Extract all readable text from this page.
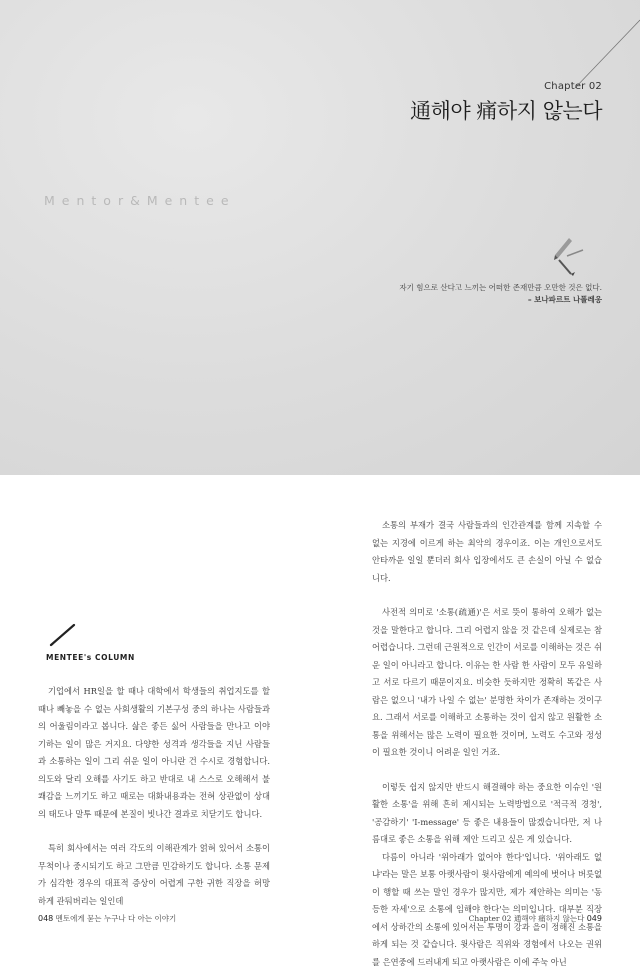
Chapter 02
通해야 痛하지 않는다
Mentor&Mentee
자기 힘으로 산다고 느끼는 어떠한 존재만큼 오만한 것은 없다.
– 보나파르트 나폴레옹
MENTEE's COLUMN

기업에서 HR일을 할 때나 대학에서 학생들의 취업지도를 할 때나 빼놓을 수 없는 사회생활의 기본구성 중의 하나는 사람들과의 어울림이라고 봅니다. 삶은 좋든 싫어 사람들을 만나고 이야기하는 일이 많은 거지요. 다양한 성격과 생각들을 지닌 사람들과 소통하는 일이 그리 쉬운 일이 아니란 건 수시로 경험합니다. 의도와 달리 오해를 사기도 하고 반대로 내 스스로 오해해서 불쾌감을 느끼기도 하고 때로는 대화내용과는 전혀 상관없이 상대의 태도나 말투 때문에 본질이 빗나간 결과로 치닫기도 합니다.

특히 회사에서는 여러 각도의 이해관계가 얽혀 있어서 소통이 무척이나 중시되기도 하고 그만큼 민감하기도 합니다. 소통 문제가 심각한 경우의 대표적 증상이 어렵게 구한 귀한 직장을 허망하게 관둬버리는 일인데

소통의 부재가 결국 사람들과의 인간관계를 함께 지속할 수 없는 지경에 이르게 하는 최악의 경우이죠. 이는 개인으로서도 안타까운 일일 뿐더러 회사 입장에서도 큰 손실이 아닐 수 없습니다.

사전적 의미로 '소통(疏通)'은 서로 뜻이 통하여 오해가 없는 것을 말한다고 합니다. 그리 어렵지 않을 것 같은데 실제로는 참 어렵습니다. 그런데 근원적으로 인간이 서로를 이해하는 것은 쉬운 일이 아니라고 합니다. 이유는 한 사람 한 사람이 모두 유일하고 서로 다르기 때문이지요. 비슷한 듯하지만 정확히 똑같은 사람은 없으니 '내가 나일 수 없는' 분명한 차이가 존재하는 것이구요. 그래서 서로를 이해하고 소통하는 것이 쉽지 않고 원활한 소통을 위해서는 많은 노력이 필요한 것이며, 노력도 수고와 정성이 필요한 것이니 어려운 일인 거죠.

이렇듯 쉽지 않지만 반드시 해결해야 하는 중요한 이슈인 '원활한 소통'을 위해 흔히 제시되는 노력방법으로 '적극적 경청', '공감하기' 'I-message' 등 좋은 내용들이 많겠습니다만, 저 나름대로 좋은 소통을 위해 제안 드리고 싶은 게 있습니다.

다름이 아니라 '위아래가 없어야 한다'입니다. '위아래도 없냐'라는 말은 보통 아랫사람이 윗사람에게 예의에 벗어나 버릇없이 행할 때 쓰는 말인 경우가 많지만, 제가 제안하는 의미는 '동등한 자세'으로 소통에 임해야 한다'는 의미입니다. 대부분 직장에서 상하간의 소통에 있어서는 투명이 강과 을이 정해진 소통을 하게 되는 것 같습니다. 윗사람은 직위와 경험에서 나오는 권위를 은연중에 드러내게 되고 아랫사람은 이에 주눅 아닌

048 멘토에게 묻는 누구나 다 아는 이야기	Chapter 02 通해야 痛하지 않는다 049
